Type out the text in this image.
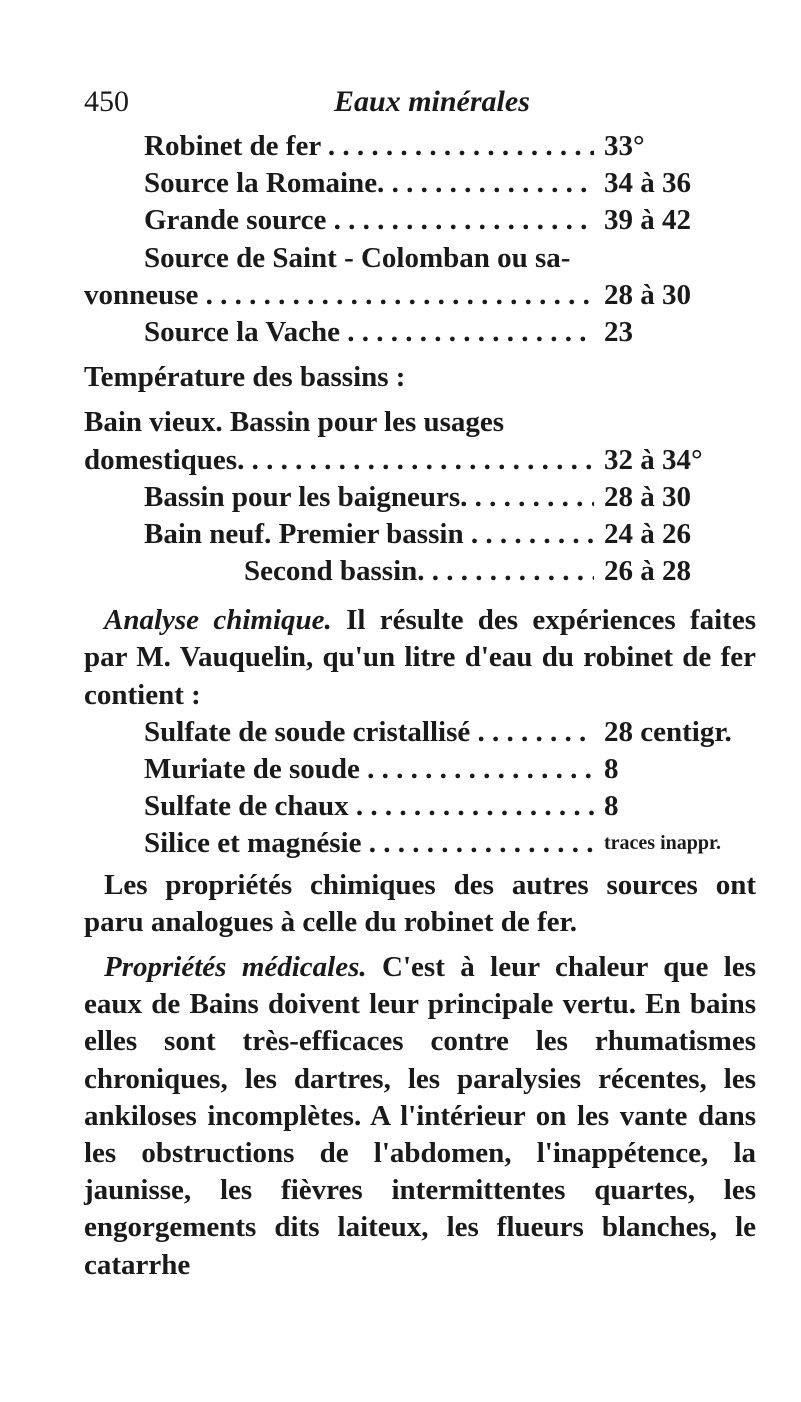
450	Eaux minérales
Robinet de fer . . .	33°
Source la Romaine. . . .	34 à 36
Grande source . . .	39 à 42
Source de Saint - Colomban ou sa-
vonneuse . . .	28 à 30
Source la Vache . . .	23
Température des bassins :
Bain vieux. Bassin pour les usages
domestiques. . . .	32 à 34°
Bassin pour les baigneurs. . . .	28 à 30
Bain neuf. Premier bassin . . .	24 à 26
Second bassin. . . .	26 à 28
Analyse chimique. Il résulte des expériences faites par M. Vauquelin, qu'un litre d'eau du robinet de fer contient :
Sulfate de soude cristallisé . . .	28 centigr.
Muriate de soude . . .	8
Sulfate de chaux . . .	8
Silice et magnésie . . .	traces inappr.
Les propriétés chimiques des autres sources ont paru analogues à celle du robinet de fer.
Propriétés médicales. C'est à leur chaleur que les eaux de Bains doivent leur principale vertu. En bains elles sont très-efficaces contre les rhumatismes chroniques, les dartres, les paralysies récentes, les ankiloses incomplètes. A l'intérieur on les vante dans les obstructions de l'abdomen, l'inappétence, la jaunisse, les fièvres intermittentes quartes, les engorgements dits laiteux, les flueurs blanches, le catarrhe
